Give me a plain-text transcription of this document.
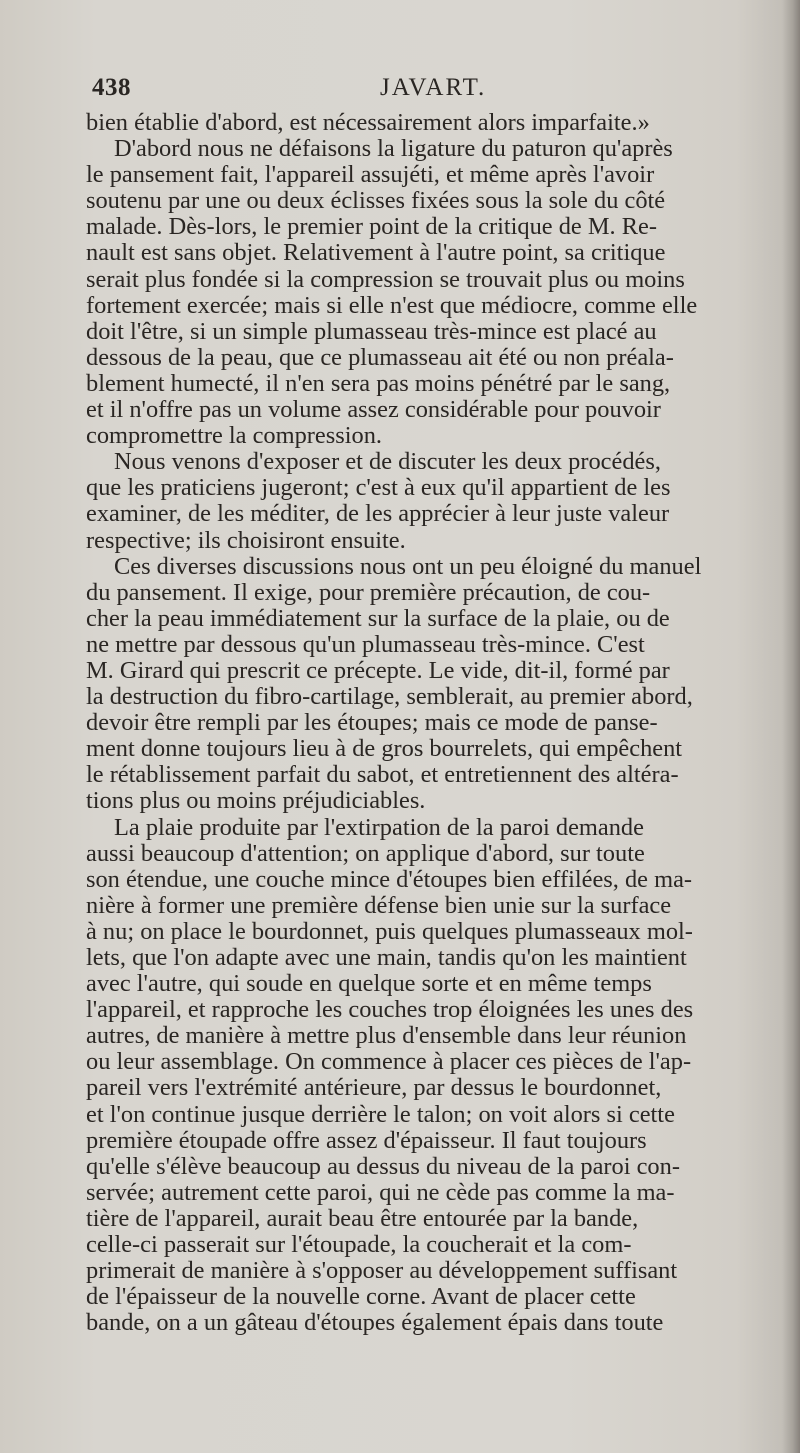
438	JAVART.
bien établie d'abord, est nécessairement alors imparfaite.»
D'abord nous ne défaisons la ligature du paturon qu'après
le pansement fait, l'appareil assujéti, et même après l'avoir
soutenu par une ou deux éclisses fixées sous la sole du côté
malade. Dès-lors, le premier point de la critique de M. Re-
nault est sans objet. Relativement à l'autre point, sa critique
serait plus fondée si la compression se trouvait plus ou moins
fortement exercée; mais si elle n'est que médiocre, comme elle
doit l'être, si un simple plumasseau très-mince est placé au
dessous de la peau, que ce plumasseau ait été ou non préala-
blement humecté, il n'en sera pas moins pénétré par le sang,
et il n'offre pas un volume assez considérable pour pouvoir
compromettre la compression.
Nous venons d'exposer et de discuter les deux procédés,
que les praticiens jugeront; c'est à eux qu'il appartient de les
examiner, de les méditer, de les apprécier à leur juste valeur
respective; ils choisiront ensuite.
Ces diverses discussions nous ont un peu éloigné du manuel
du pansement. Il exige, pour première précaution, de cou-
cher la peau immédiatement sur la surface de la plaie, ou de
ne mettre par dessous qu'un plumasseau très-mince. C'est
M. Girard qui prescrit ce précepte. Le vide, dit-il, formé par
la destruction du fibro-cartilage, semblerait, au premier abord,
devoir être rempli par les étoupes; mais ce mode de panse-
ment donne toujours lieu à de gros bourrelets, qui empêchent
le rétablissement parfait du sabot, et entretiennent des altéra-
tions plus ou moins préjudiciables.
La plaie produite par l'extirpation de la paroi demande
aussi beaucoup d'attention; on applique d'abord, sur toute
son étendue, une couche mince d'étoupes bien effilées, de ma-
nière à former une première défense bien unie sur la surface
à nu; on place le bourdonnet, puis quelques plumasseaux mol-
lets, que l'on adapte avec une main, tandis qu'on les maintient
avec l'autre, qui soude en quelque sorte et en même temps
l'appareil, et rapproche les couches trop éloignées les unes des
autres, de manière à mettre plus d'ensemble dans leur réunion
ou leur assemblage. On commence à placer ces pièces de l'ap-
pareil vers l'extrémité antérieure, par dessus le bourdonnet,
et l'on continue jusque derrière le talon; on voit alors si cette
première étoupade offre assez d'épaisseur. Il faut toujours
qu'elle s'élève beaucoup au dessus du niveau de la paroi con-
servée; autrement cette paroi, qui ne cède pas comme la ma-
tière de l'appareil, aurait beau être entourée par la bande,
celle-ci passerait sur l'étoupade, la coucherait et la com-
primerait de manière à s'opposer au développement suffisant
de l'épaisseur de la nouvelle corne. Avant de placer cette
bande, on a un gâteau d'étoupes également épais dans toute
